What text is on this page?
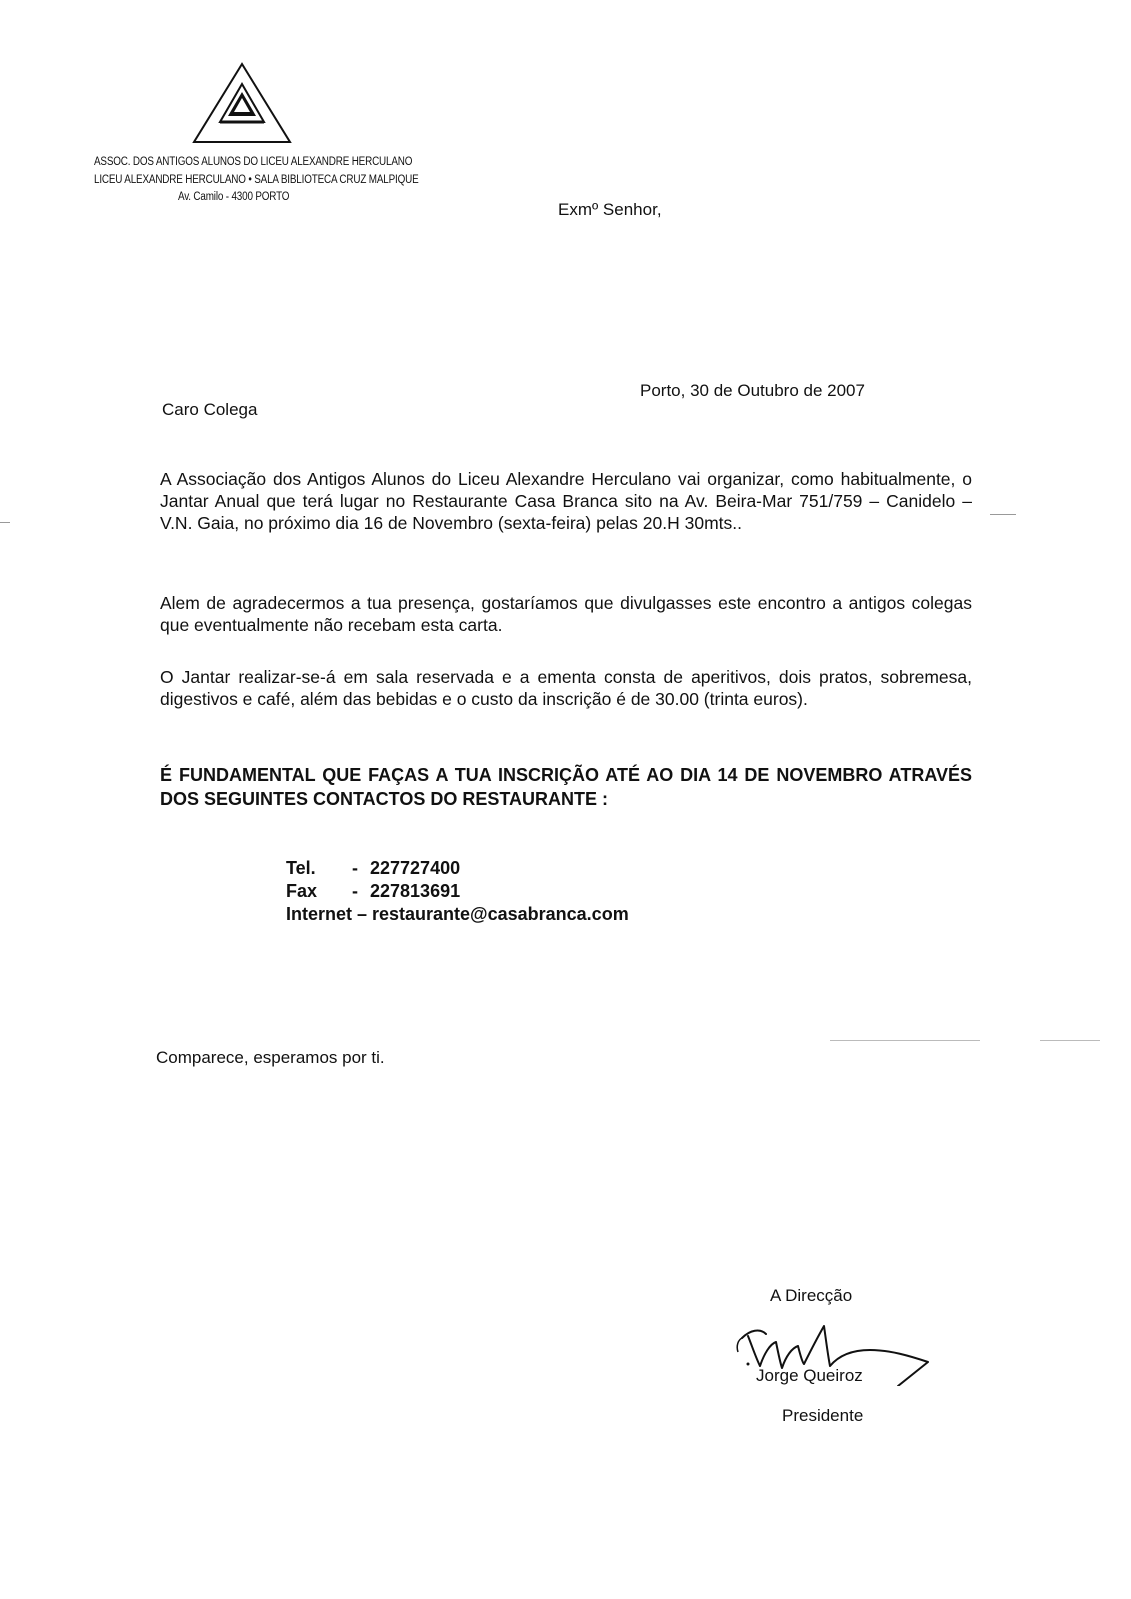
ASSOC. DOS ANTIGOS ALUNOS DO LICEU ALEXANDRE HERCULANO
LICEU ALEXANDRE HERCULANO • SALA BIBLIOTECA CRUZ MALPIQUE
Av. Camilo - 4300 PORTO
Exmº Senhor,
Porto, 30 de Outubro de 2007
Caro Colega
A Associação dos Antigos Alunos do Liceu Alexandre Herculano vai organizar, como habitualmente, o Jantar Anual que terá lugar no Restaurante Casa Branca sito na Av. Beira-Mar 751/759 – Canidelo – V.N. Gaia, no próximo dia 16 de Novembro (sexta-feira) pelas 20.H 30mts..
Alem de agradecermos a tua presença, gostaríamos que divulgasses este encontro a antigos colegas que eventualmente não recebam esta carta.
O Jantar realizar-se-á em sala reservada e a ementa consta de aperitivos, dois pratos, sobremesa, digestivos e café, além das bebidas e o custo da inscrição é de 30.00 (trinta euros).
É FUNDAMENTAL QUE FAÇAS A TUA INSCRIÇÃO ATÉ AO DIA 14 DE NOVEMBRO ATRAVÉS DOS SEGUINTES CONTACTOS DO RESTAURANTE :
Tel. - 227727400
Fax - 227813691
Internet – restaurante@casabranca.com
Comparece, esperamos por ti.
A Direcção
Jorge Queiroz
Presidente
